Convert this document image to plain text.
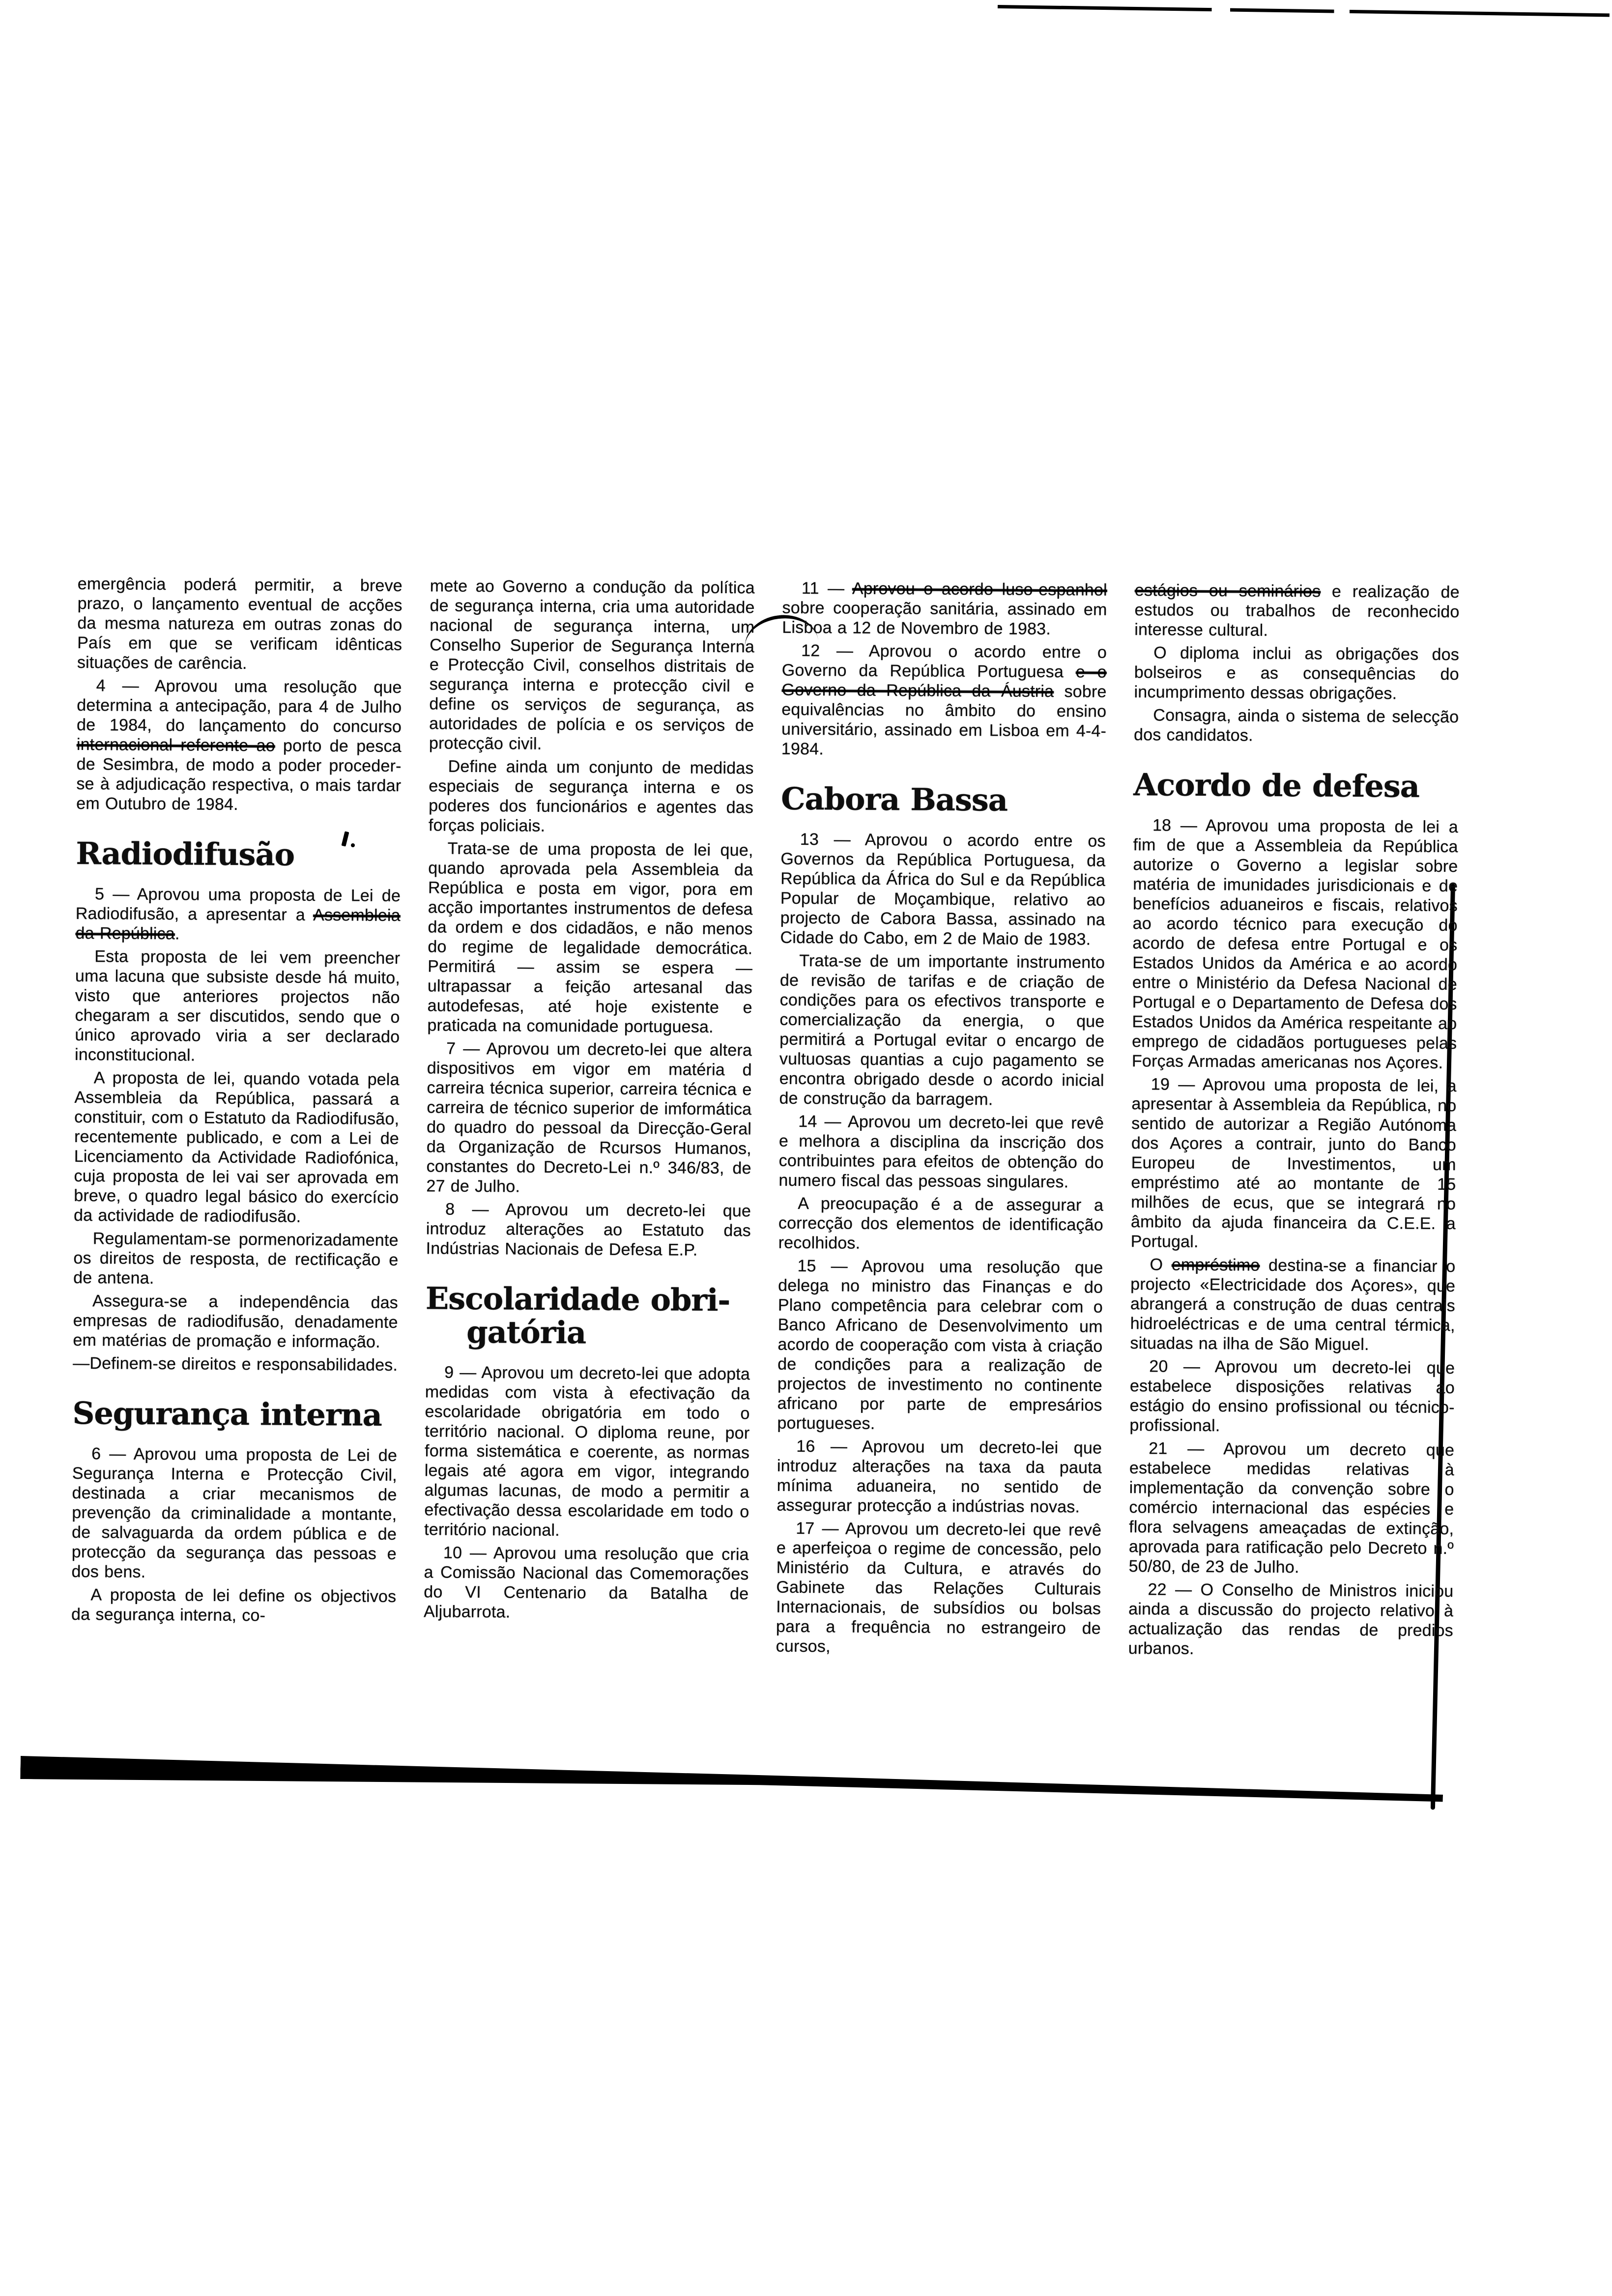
emergência poderá permitir, a breve prazo, o lançamento eventual de acções da mesma natureza em outras zonas do País em que se verificam idênticas situações de carência.

4 — Aprovou uma resolução que determina a antecipação, para 4 de Julho de 1984, do lançamento do concurso internacional referente ao porto de pesca de Sesimbra, de modo a poder proceder-se à adjudicação respectiva, o mais tardar em Outubro de 1984.

Radiodifusão

5 — Aprovou uma proposta de Lei de Radiodifusão, a apresentar a Assembleia da República.

Esta proposta de lei vem preencher uma lacuna que subsiste desde há muito, visto que anteriores projectos não chegaram a ser discutidos, sendo que o único aprovado viria a ser declarado inconstitucional.

A proposta de lei, quando votada pela Assembleia da República, passará a constituir, com o Estatuto da Radiodifusão, recentemente publicado, e com a Lei de Licenciamento da Actividade Radiofónica, cuja proposta de lei vai ser aprovada em breve, o quadro legal básico do exercício da actividade de radiodifusão.

Regulamentam-se pormenorizadamente os direitos de resposta, de rectificação e de antena.

Assegura-se a independência das empresas de radiodifusão, denadamente em matérias de promação e informação.

—Definem-se direitos e responsabilidades.

Segurança interna

6 — Aprovou uma proposta de Lei de Segurança Interna e Protecção Civil, destinada a criar mecanismos de prevenção da criminalidade a montante, de salvaguarda da ordem pública e de protecção da segurança das pessoas e dos bens.

A proposta de lei define os objectivos da segurança interna, co-

mete ao Governo a condução da política de segurança interna, cria uma autoridade nacional de segurança interna, um Conselho Superior de Segurança Interna e Protecção Civil, conselhos distritais de segurança interna e protecção civil e define os serviços de segurança, as autoridades de polícia e os serviços de protecção civil.

Define ainda um conjunto de medidas especiais de segurança interna e os poderes dos funcionários e agentes das forças policiais.

Trata-se de uma proposta de lei que, quando aprovada pela Assembleia da República e posta em vigor, pora em acção importantes instrumentos de defesa da ordem e dos cidadãos, e não menos do regime de legalidade democrática. Permitirá — assim se espera — ultrapassar a feição artesanal das autodefesas, até hoje existente e praticada na comunidade portuguesa.

7 — Aprovou um decreto-lei que altera dispositivos em vigor em matéria d carreira técnica superior, carreira técnica e carreira de técnico superior de imformática do quadro do pessoal da Direcção-Geral da Organização de Rcursos Humanos, constantes do Decreto-Lei n.º 346/83, de 27 de Julho.

8 — Aprovou um decreto-lei que introduz alterações ao Estatuto das Indústrias Nacionais de Defesa E.P.

Escolaridade obri-
gatória

9 — Aprovou um decreto-lei que adopta medidas com vista à efectivação da escolaridade obrigatória em todo o território nacional. O diploma reune, por forma sistemática e coerente, as normas legais até agora em vigor, integrando algumas lacunas, de modo a permitir a efectivação dessa escolaridade em todo o território nacional.

10 — Aprovou uma resolução que cria a Comissão Nacional das Comemorações do VI Centenario da Batalha de Aljubarrota.

11 — Aprovou o acordo luso-espanhol sobre cooperação sanitária, assinado em Lisboa a 12 de Novembro de 1983.

12 — Aprovou o acordo entre o Governo da República Portuguesa e o Governo da República da Áustria sobre equivalências no âmbito do ensino universitário, assinado em Lisboa em 4-4-1984.

Cabora Bassa

13 — Aprovou o acordo entre os Governos da República Portuguesa, da República da África do Sul e da República Popular de Moçambique, relativo ao projecto de Cabora Bassa, assinado na Cidade do Cabo, em 2 de Maio de 1983.

Trata-se de um importante instrumento de revisão de tarifas e de criação de condições para os efectivos transporte e comercialização da energia, o que permitirá a Portugal evitar o encargo de vultuosas quantias a cujo pagamento se encontra obrigado desde o acordo inicial de construção da barragem.

14 — Aprovou um decreto-lei que revê e melhora a disciplina da inscrição dos contribuintes para efeitos de obtenção do numero fiscal das pessoas singulares.

A preocupação é a de assegurar a correcção dos elementos de identificação recolhidos.

15 — Aprovou uma resolução que delega no ministro das Finanças e do Plano competência para celebrar com o Banco Africano de Desenvolvimento um acordo de cooperação com vista à criação de condições para a realização de projectos de investimento no continente africano por parte de empresários portugueses.

16 — Aprovou um decreto-lei que introduz alterações na taxa da pauta mínima aduaneira, no sentido de assegurar protecção a indústrias novas.

17 — Aprovou um decreto-lei que revê e aperfeiçoa o regime de concessão, pelo Ministério da Cultura, e através do Gabinete das Relações Culturais Internacionais, de subsídios ou bolsas para a frequência no estrangeiro de cursos,

estágios ou seminários e realização de estudos ou trabalhos de reconhecido interesse cultural.

O diploma inclui as obrigações dos bolseiros e as consequências do incumprimento dessas obrigações.

Consagra, ainda o sistema de selecção dos candidatos.

Acordo de defesa

18 — Aprovou uma proposta de lei a fim de que a Assembleia da República autorize o Governo a legislar sobre matéria de imunidades jurisdicionais e de benefícios aduaneiros e fiscais, relativos ao acordo técnico para execução do acordo de defesa entre Portugal e os Estados Unidos da América e ao acordo entre o Ministério da Defesa Nacional de Portugal e o Departamento de Defesa dos Estados Unidos da América respeitante ao emprego de cidadãos portugueses pelas Forças Armadas americanas nos Açores.

19 — Aprovou uma proposta de lei, a apresentar à Assembleia da República, no sentido de autorizar a Região Autónoma dos Açores a contrair, junto do Banco Europeu de Investimentos, um empréstimo até ao montante de 15 milhões de ecus, que se integrará no âmbito da ajuda financeira da C.E.E. a Portugal.

O empréstimo destina-se a financiar o projecto «Electricidade dos Açores», que abrangerá a construção de duas centrais hidroeléctricas e de uma central térmica, situadas na ilha de São Miguel.

20 — Aprovou um decreto-lei que estabelece disposições relativas ao estágio do ensino profissional ou técnico-profissional.

21 — Aprovou um decreto que estabelece medidas relativas à implementação da convenção sobre o comércio internacional das espécies e flora selvagens ameaçadas de extinção, aprovada para ratificação pelo Decreto n.º 50/80, de 23 de Julho.

22 — O Conselho de Ministros iniciou ainda a discussão do projecto relativo à actualização das rendas de predios urbanos.
